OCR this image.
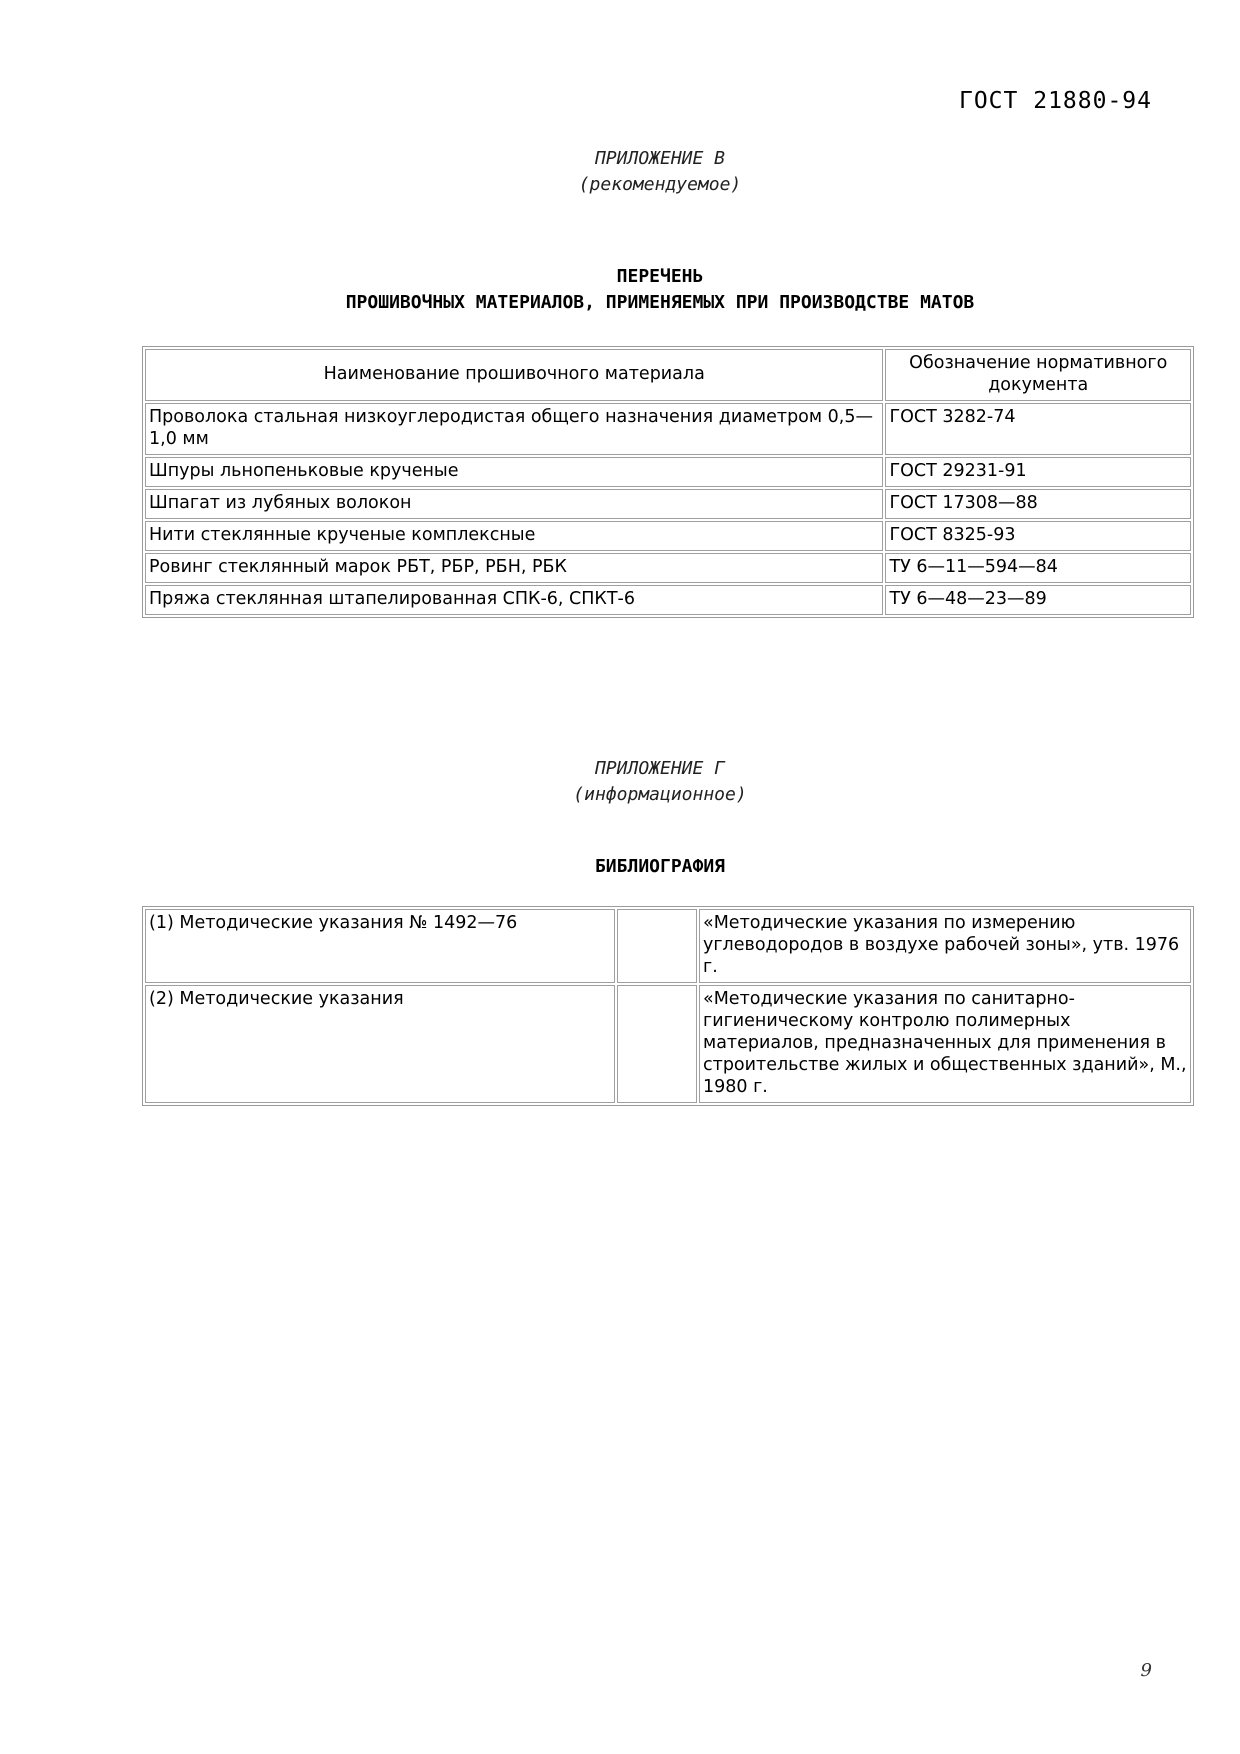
ГОСТ 21880-94
ПРИЛОЖЕНИЕ В
(рекомендуемое)
ПЕРЕЧЕНЬ
ПРОШИВОЧНЫХ МАТЕРИАЛОВ, ПРИМЕНЯЕМЫХ ПРИ ПРОИЗВОДСТВЕ МАТОВ
Наименование прошивочного материала	Обозначение нормативного документа
Проволока стальная низкоуглеродистая общего назначения диаметром 0,5—1,0 мм	ГОСТ 3282-74
Шпуры льнопеньковые крученые	ГОСТ 29231-91
Шпагат из лубяных волокон	ГОСТ 17308—88
Нити стеклянные крученые комплексные	ГОСТ 8325-93
Ровинг стеклянный марок РБТ, РБР, РБН, РБК	ТУ 6—11—594—84
Пряжа стеклянная штапелированная СПК-6, СПКТ-6	ТУ 6—48—23—89
ПРИЛОЖЕНИЕ Г
(информационное)
БИБЛИОГРАФИЯ
(1) Методические указания № 1492—76		«Методические указания по измерению углеводородов в воздухе рабочей зоны», утв. 1976 г.
(2) Методические указания		«Методические указания по санитарно-гигиеническому контролю полимерных материалов, предназначенных для применения в строительстве жилых и общественных зданий», М., 1980 г.
9
